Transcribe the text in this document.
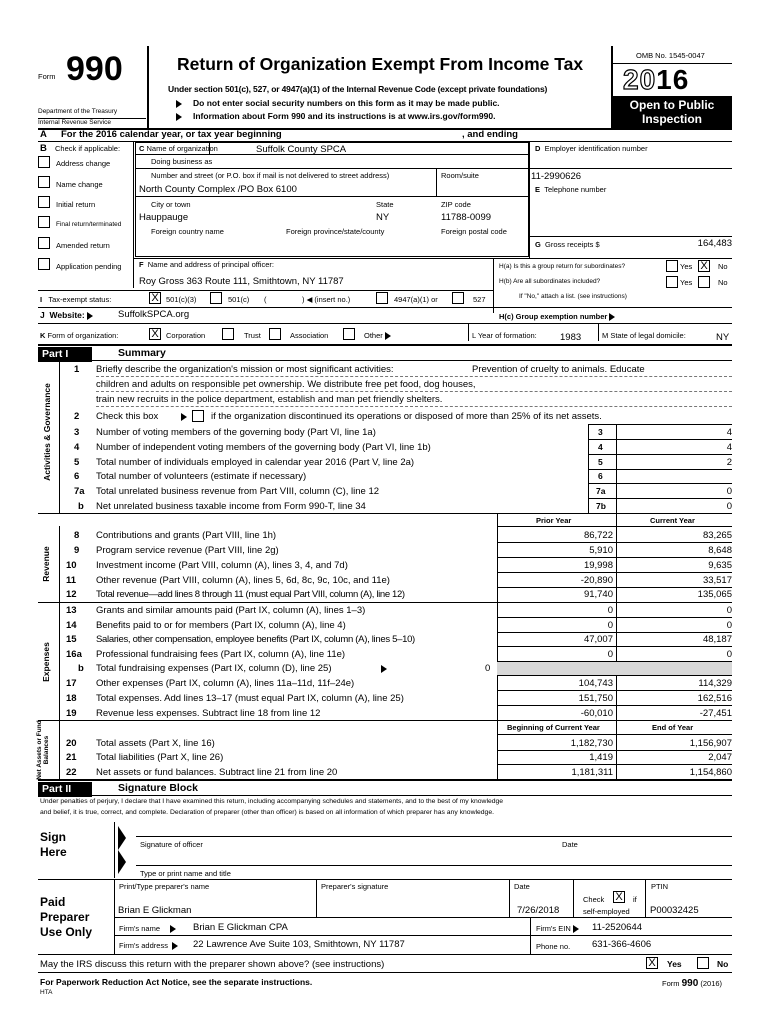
Form 990
Department of the Treasury
Internal Revenue Service
Return of Organization Exempt From Income Tax
Under section 501(c), 527, or 4947(a)(1) of the Internal Revenue Code (except private foundations)
Do not enter social security numbers on this form as it may be made public.
Information about Form 990 and its instructions is at www.irs.gov/form990.
OMB No. 1545-0047
2016
Open to Public
Inspection
A For the 2016 calendar year, or tax year beginning	, and ending
B Check if applicable:
Address change
Name change
Initial return
Final return/terminated
Amended return
Application pending
C Name of organization	Suffolk County SPCA
Doing business as
Number and street (or P.O. box if mail is not delivered to street address)	Room/suite
North County Complex /PO Box 6100
City or town	State	ZIP code
Hauppauge	NY	11788-0099
Foreign country name	Foreign province/state/county	Foreign postal code
D Employer identification number
11-2990626
E Telephone number
G Gross receipts $	164,483
F Name and address of principal officer:
Roy Gross 363 Route 111, Smithtown, NY 11787
H(a) Is this a group return for subordinates?	Yes X	No
H(b) Are all subordinates included?	Yes	No
If "No," attach a list. (see instructions)
I Tax-exempt status:	X 501(c)(3)	501(c) (	) ◀ (insert no.)	4947(a)(1) or	527
J Website:	SuffolkSPCA.org	H(c) Group exemption number
K Form of organization:	X Corporation	Trust	Association	Other	L Year of formation: 1983	M State of legal domicile:	NY
Part I	Summary
Activities & Governance
1 Briefly describe the organization's mission or most significant activities:	Prevention of cruelty to animals. Educate
children and adults on responsible pet ownership. We distribute free pet food, dog houses,
train new recruits in the police department, establish and man pet friendly shelters.
2 Check this box	if the organization discontinued its operations or disposed of more than 25% of its net assets.
3 Number of voting members of the governing body (Part VI, line 1a)	3	4
4 Number of independent voting members of the governing body (Part VI, line 1b)	4	4
5 Total number of individuals employed in calendar year 2016 (Part V, line 2a)	5	2
6 Total number of volunteers (estimate if necessary)	6
7a Total unrelated business revenue from Part VIII, column (C), line 12	7a	0
b Net unrelated business taxable income from Form 990-T, line 34	7b	0
Prior Year	Current Year
Revenue
8 Contributions and grants (Part VIII, line 1h)	86,722	83,265
9 Program service revenue (Part VIII, line 2g)	5,910	8,648
10 Investment income (Part VIII, column (A), lines 3, 4, and 7d)	19,998	9,635
11 Other revenue (Part VIII, column (A), lines 5, 6d, 8c, 9c, 10c, and 11e)	-20,890	33,517
12 Total revenue—add lines 8 through 11 (must equal Part VIII, column (A), line 12)	91,740	135,065
Expenses
13 Grants and similar amounts paid (Part IX, column (A), lines 1–3)	0	0
14 Benefits paid to or for members (Part IX, column (A), line 4)	0	0
15 Salaries, other compensation, employee benefits (Part IX, column (A), lines 5–10)	47,007	48,187
16a Professional fundraising fees (Part IX, column (A), line 11e)	0	0
b Total fundraising expenses (Part IX, column (D), line 25)	0
17 Other expenses (Part IX, column (A), lines 11a–11d, 11f–24e)	104,743	114,329
18 Total expenses. Add lines 13–17 (must equal Part IX, column (A), line 25)	151,750	162,516
19 Revenue less expenses. Subtract line 18 from line 12	-60,010	-27,451
Beginning of Current Year	End of Year
Net Assets or Fund Balances 20 Total assets (Part X, line 16)	1,182,730	1,156,907
21 Total liabilities (Part X, line 26)	1,419	2,047
22 Net assets or fund balances. Subtract line 21 from line 20	1,181,311	1,154,860
Part II	Signature Block
Under penalties of perjury, I declare that I have examined this return, including accompanying schedules and statements, and to the best of my knowledge
and belief, it is true, correct, and complete. Declaration of preparer (other than officer) is based on all information of which preparer has any knowledge.
Sign
Here
Signature of officer	Date
Type or print name and title
Paid
Preparer
Use Only
Print/Type preparer's name	Preparer's signature	Date
Check X	if
self-employed
PTIN
Brian E Glickman	7/26/2018	P00032425
Firm's name	Brian E Glickman CPA	Firm's EIN	11-2520644
Firm's address	22 Lawrence Ave Suite 103, Smithtown, NY 11787	Phone no. 631-366-4606
May the IRS discuss this return with the preparer shown above? (see instructions)	X Yes	No
For Paperwork Reduction Act Notice, see the separate instructions.
HTA
Form 990 (2016)
